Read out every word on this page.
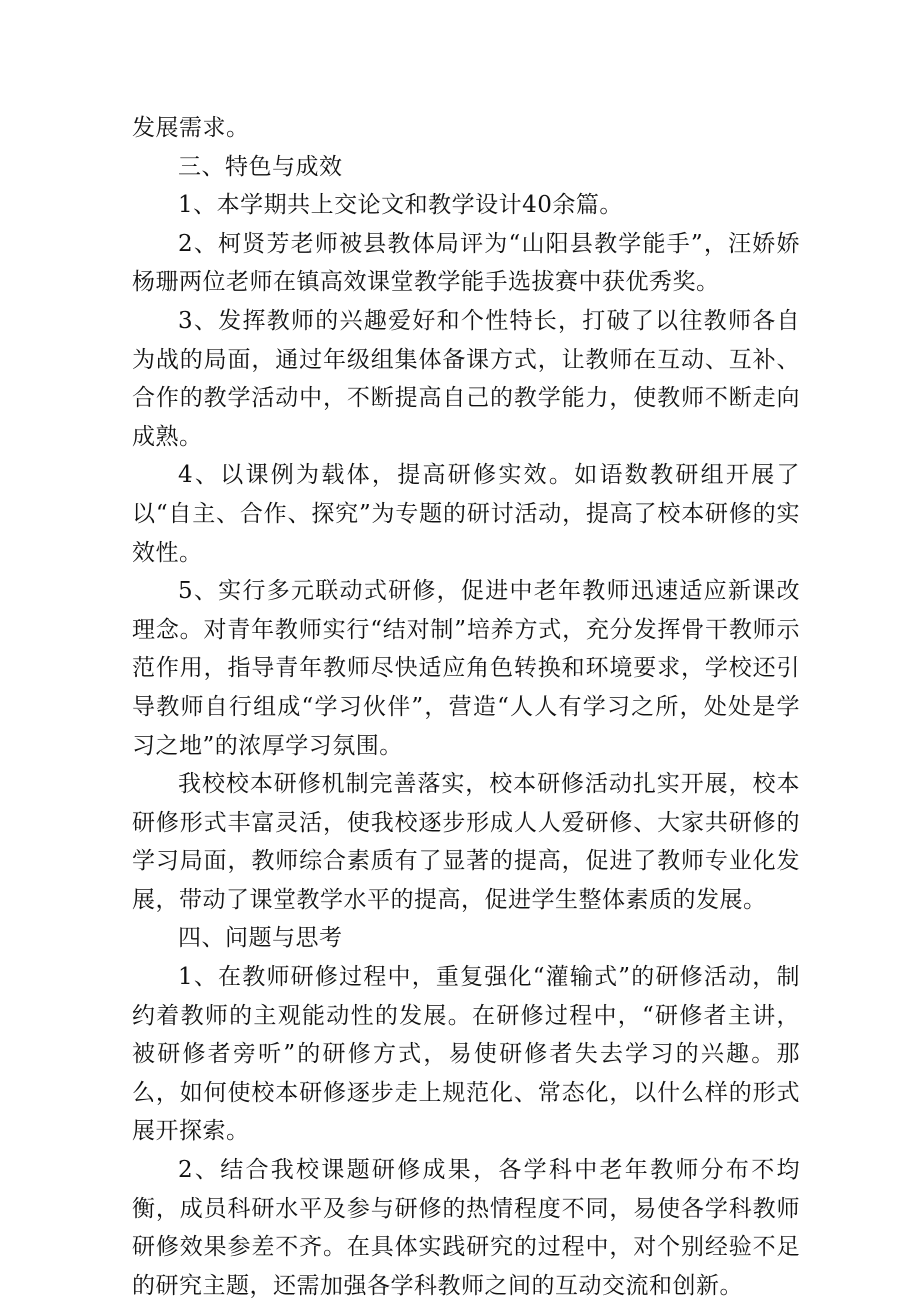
发展需求。

三、特色与成效

1、本学期共上交论文和教学设计40余篇。

2、柯贤芳老师被县教体局评为“山阳县教学能手”，汪娇娇杨珊两位老师在镇高效课堂教学能手选拔赛中获优秀奖。

3、发挥教师的兴趣爱好和个性特长，打破了以往教师各自为战的局面，通过年级组集体备课方式，让教师在互动、互补、合作的教学活动中，不断提高自己的教学能力，使教师不断走向成熟。

4、以课例为载体，提高研修实效。如语数教研组开展了以“自主、合作、探究”为专题的研讨活动，提高了校本研修的实效性。

5、实行多元联动式研修，促进中老年教师迅速适应新课改理念。对青年教师实行“结对制”培养方式，充分发挥骨干教师示范作用，指导青年教师尽快适应角色转换和环境要求，学校还引导教师自行组成“学习伙伴”，营造“人人有学习之所，处处是学习之地”的浓厚学习氛围。

我校校本研修机制完善落实，校本研修活动扎实开展，校本研修形式丰富灵活，使我校逐步形成人人爱研修、大家共研修的学习局面，教师综合素质有了显著的提高，促进了教师专业化发展，带动了课堂教学水平的提高，促进学生整体素质的发展。

四、问题与思考

1、在教师研修过程中，重复强化“灌输式”的研修活动，制约着教师的主观能动性的发展。在研修过程中，“研修者主讲，被研修者旁听”的研修方式，易使研修者失去学习的兴趣。那么，如何使校本研修逐步走上规范化、常态化，以什么样的形式展开探索。

2、结合我校课题研修成果，各学科中老年教师分布不均衡，成员科研水平及参与研修的热情程度不同，易使各学科教师研修效果参差不齐。在具体实践研究的过程中，对个别经验不足的研究主题，还需加强各学科教师之间的互动交流和创新。
